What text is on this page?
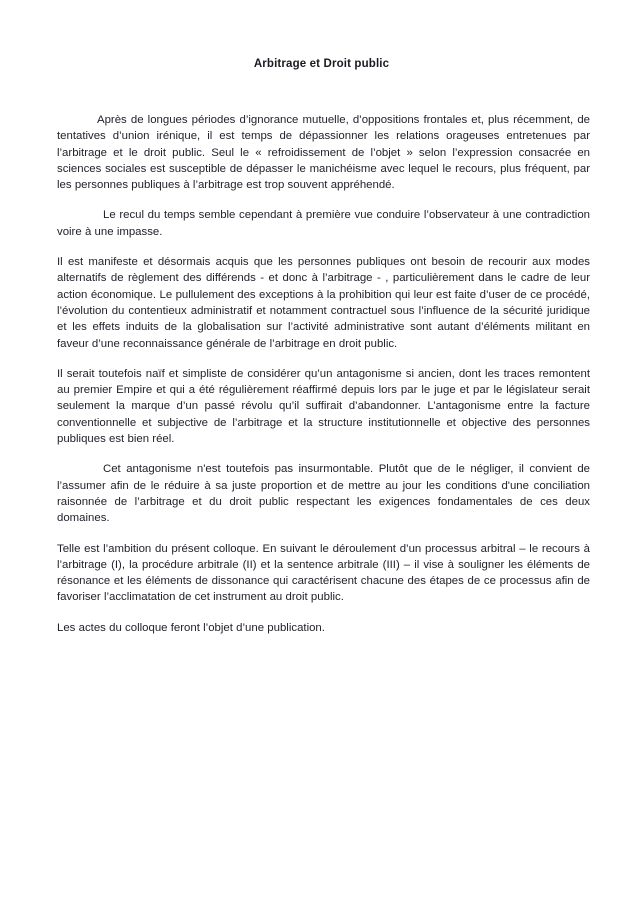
Arbitrage et Droit public

Après de longues périodes d’ignorance mutuelle, d’oppositions frontales et, plus récemment, de tentatives d’union irénique, il est temps de dépassionner les relations orageuses entretenues par l’arbitrage et le droit public. Seul le « refroidissement de l’objet » selon l’expression consacrée en sciences sociales est susceptible de dépasser le manichéisme avec lequel le recours, plus fréquent, par les personnes publiques à l’arbitrage est trop souvent appréhendé.

Le recul du temps semble cependant à première vue conduire l’observateur à une contradiction voire à une impasse.

Il est manifeste et désormais acquis que les personnes publiques ont besoin de recourir aux modes alternatifs de règlement des différends - et donc à l’arbitrage - , particulièrement dans le cadre de leur action économique. Le pullulement des exceptions à la prohibition qui leur est faite d’user de ce procédé, l’évolution du contentieux administratif et notamment contractuel sous l’influence de la sécurité juridique et les effets induits de la globalisation sur l’activité administrative sont autant d’éléments militant en faveur d’une reconnaissance générale de l’arbitrage en droit public.

Il serait toutefois naïf et simpliste de considérer qu’un antagonisme si ancien, dont les traces remontent au premier Empire et qui a été régulièrement réaffirmé depuis lors par le juge et par le législateur serait seulement la marque d’un passé révolu qu’il suffirait d’abandonner. L’antagonisme entre la facture conventionnelle et subjective de l’arbitrage et la structure institutionnelle et objective des personnes publiques est bien réel.

Cet antagonisme n'est toutefois pas insurmontable. Plutôt que de le négliger, il convient de l’assumer afin de le réduire à sa juste proportion et de mettre au jour les conditions d'une conciliation raisonnée de l’arbitrage et du droit public respectant les exigences fondamentales de ces deux domaines.

Telle est l’ambition du présent colloque. En suivant le déroulement d’un processus arbitral – le recours à l’arbitrage (I), la procédure arbitrale (II) et la sentence arbitrale (III) – il vise à souligner les éléments de résonance et les éléments de dissonance qui caractérisent chacune des étapes de ce processus afin de favoriser l’acclimatation de cet instrument au droit public.

Les actes du colloque feront l’objet d’une publication.
